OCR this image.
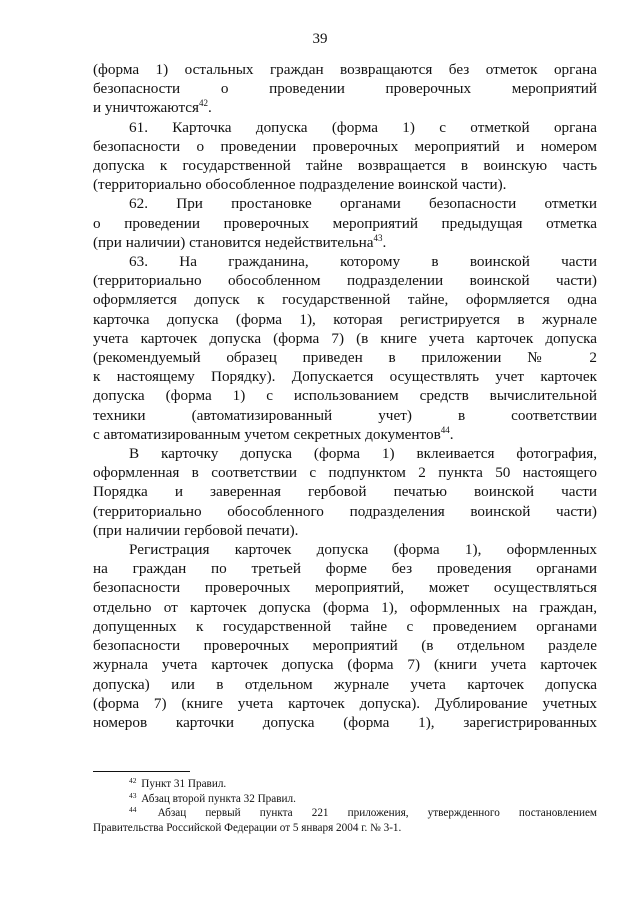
39

(форма 1) остальных граждан возвращаются без отметок органа

безопасности о проведении проверочных мероприятий

и уничтожаются$^{42}$.

61. Карточка допуска (форма 1) с отметкой органа

безопасности о проведении проверочных мероприятий и номером

допуска к государственной тайне возвращается в воинскую часть

(территориально обособленное подразделение воинской части).

62. При простановке органами безопасности отметки

о проведении проверочных мероприятий предыдущая отметка

(при наличии) становится недействительна$^{43}$.

63. На гражданина, которому в воинской части

(территориально обособленном подразделении воинской части)

оформляется допуск к государственной тайне, оформляется одна

карточка допуска (форма 1), которая регистрируется в журнале

учета карточек допуска (форма 7) (в книге учета карточек допуска

(рекомендуемый образец приведен в приложении № 2

к настоящему Порядку). Допускается осуществлять учет карточек

допуска (форма 1) с использованием средств вычислительной

техники (автоматизированный учет) в соответствии

с автоматизированным учетом секретных документов$^{44}$.

В карточку допуска (форма 1) вклеивается фотография,

оформленная в соответствии с подпунктом 2 пункта 50 настоящего

Порядка и заверенная гербовой печатью воинской части

(территориально обособленного подразделения воинской части)

(при наличии гербовой печати).

Регистрация карточек допуска (форма 1), оформленных

на граждан по третьей форме без проведения органами

безопасности проверочных мероприятий, может осуществляться

отдельно от карточек допуска (форма 1), оформленных на граждан,

допущенных к государственной тайне с проведением органами

безопасности проверочных мероприятий (в отдельном разделе

журнала учета карточек допуска (форма 7) (книги учета карточек

допуска) или в отдельном журнале учета карточек допуска

(форма 7) (книге учета карточек допуска). Дублирование учетных

номеров карточки допуска (форма 1), зарегистрированных

$^{42}$ Пункт 31 Правил.

$^{43}$ Абзац второй пункта 32 Правил.

$^{44}$ Абзац первый пункта 221 приложения, утвержденного постановлением

Правительства Российской Федерации от 5 января 2004 г. № 3-1.
